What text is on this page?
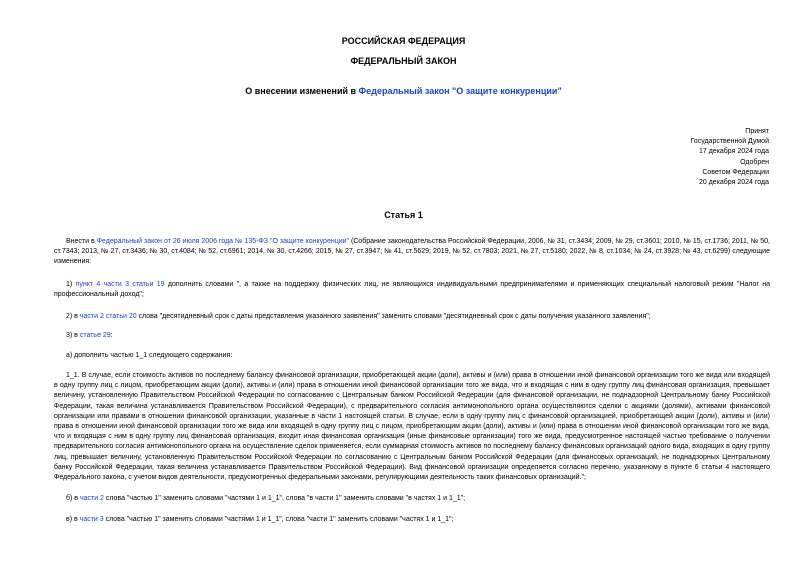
РОССИЙСКАЯ ФЕДЕРАЦИЯ
ФЕДЕРАЛЬНЫЙ ЗАКОН
О внесении изменений в Федеральный закон "О защите конкуренции"
Принят
Государственной Думой
17 декабря 2024 года
Одобрен
Советом Федерации
20 декабря 2024 года
Статья 1

Внести в Федеральный закон от 26 июля 2006 года № 135-ФЗ "О защите конкуренции" (Собрание законодательства Российской Федерации, 2006, № 31, ст.3434; 2009, № 29, ст.3601; 2010, № 15, ст.1736; 2011, № 50, ст.7343; 2013, № 27, ст.3436; № 30, ст.4084; № 52, ст.6961; 2014, № 30, ст.4266; 2015, № 27, ст.3947; № 41, ст.5629; 2019, № 52, ст.7803; 2021, № 27, ст.5180; 2022, № 8, ст.1034; № 24, ст.3928; № 43, ст.6299) следующие изменения:

1) пункт 4 части 3 статьи 19 дополнить словами ", а также на поддержку физических лиц, не являющихся индивидуальными предпринимателями и применяющих специальный налоговый режим "Налог на профессиональный доход";

2) в части 2 статьи 20 слова "десятидневный срок с даты представления указанного заявления" заменить словами "десятидневный срок с даты получения указанного заявления";

3) в статье 29:

а) дополнить частью 1_1 следующего содержания:

1_1. В случае, если стоимость активов по последнему балансу финансовой организации, приобретающей акции (доли), активы и (или) права в отношении иной финансовой организации того же вида или входящей в одну группу лиц с лицом, приобретающим акции (доли), активы и (или) права в отношении иной финансовой организации того же вида, что и входящая с ним в одну группу лиц финансовая организация, превышает величину, установленную Правительством Российской Федерации по согласованию с Центральным банком Российской Федерации (для финансовой организации, не поднадзорной Центральному банку Российской Федерации, такая величина устанавливается Правительством Российской Федерации), с предварительного согласия антимонопольного органа осуществляются сделки с акциями (долями), активами финансовой организации или правами в отношении финансовой организации, указанные в части 1 настоящей статьи. В случае, если в одну группу лиц с финансовой организацией, приобретающей акции (доли), активы и (или) права в отношении иной финансовой организации того же вида или входящей в одну группу лиц с лицом, приобретающим акции (доли), активы и (или) права в отношении иной финансовой организации того же вида, что и входящая с ним в одну группу лиц финансовая организация, входит иная финансовая организация (иные финансовые организации) того же вида, предусмотренное настоящей частью требование о получении предварительного согласия антимонопольного органа на осуществление сделок применяется, если суммарная стоимость активов по последнему балансу финансовых организаций одного вида, входящих в одну группу лиц, превышает величину, установленную Правительством Российской Федерации по согласованию с Центральным банком Российской Федерации (для финансовых организаций, не поднадзорных Центральному банку Российской Федерации, такая величина устанавливается Правительством Российской Федерации). Вид финансовой организации определяется согласно перечню, указанному в пункте 6 статьи 4 настоящего Федерального закона, с учетом видов деятельности, предусмотренных федеральными законами, регулирующими деятельность таких финансовых организаций.";

б) в части 2 слова "частью 1" заменить словами "частями 1 и 1_1", слова "в части 1" заменить словами "в частях 1 и 1_1";

в) в части 3 слова "частью 1" заменить словами "частями 1 и 1_1", слова "части 1" заменить словами "частях 1 и 1_1";
